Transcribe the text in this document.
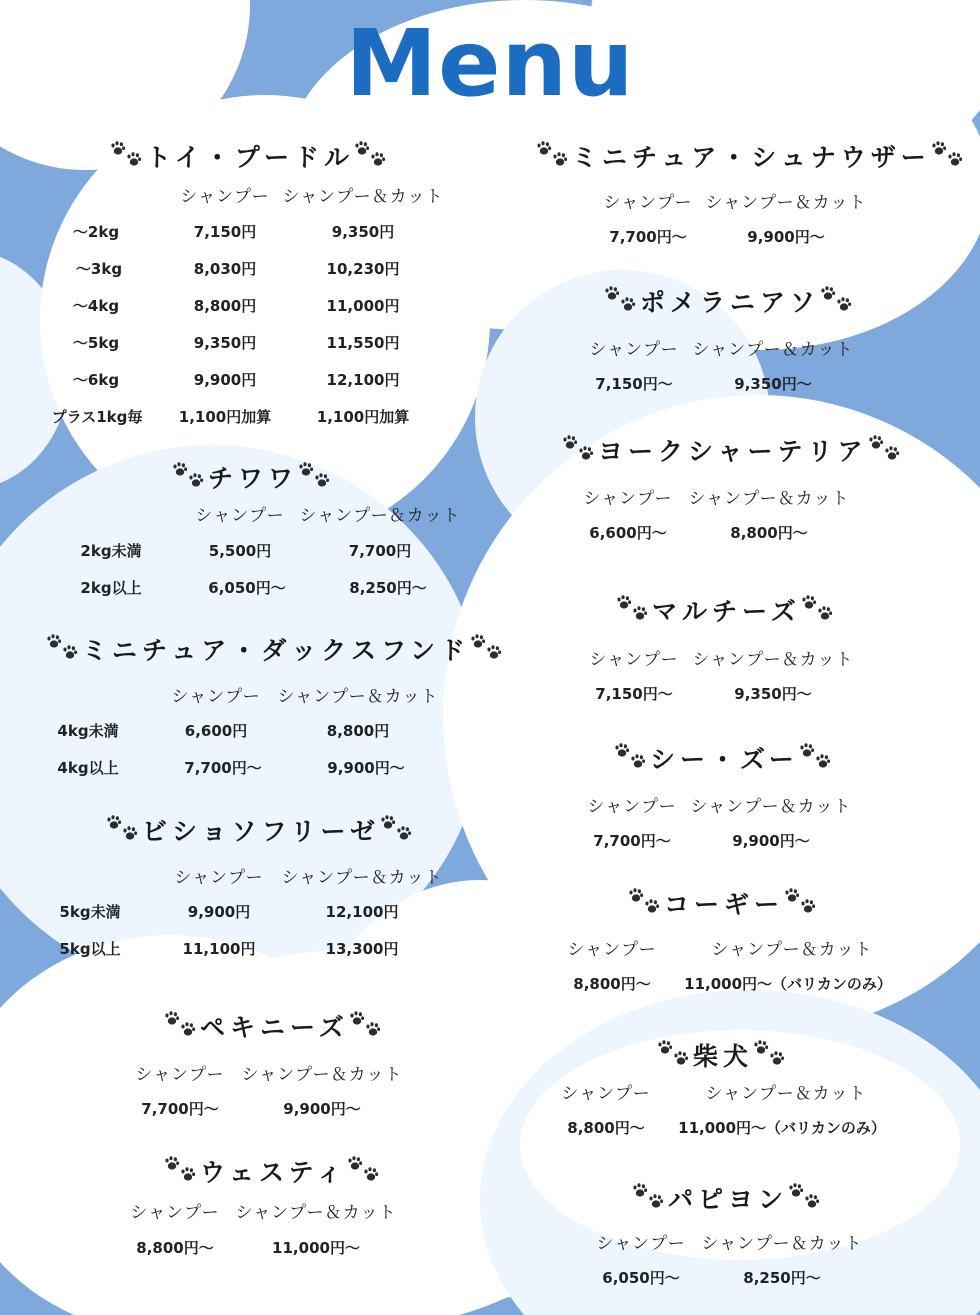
Menu
トイ・プードル
シャンプー シャンプー＆カット
～2kg	7,150円	9,350円
～3kg	8,030円	10,230円
～4kg	8,800円	11,000円
～5kg	9,350円	11,550円
～6kg	9,900円	12,100円
プラス1kg毎 1,100円加算	1,100円加算
チワワ
シャンプー シャンプー＆カット
2kg未満	5,500円	7,700円
2kg以上	6,050円～	8,250円～
ミニチュア・ダックスフンド
シャンプー シャンプー＆カット
4kg未満	6,600円	8,800円
4kg以上	7,700円～	9,900円～
ビショソフリーゼ
シャンプー シャンプー＆カット
5kg未満	9,900円	12,100円
5kg以上	11,100円	13,300円
ペキニーズ
シャンプー シャンプー＆カット
7,700円～	9,900円～
ウェスティ
シャンプー シャンプー＆カット
8,800円～	11,000円～
ミニチュア・シュナウザー
シャンプー シャンプー＆カット
7,700円～	9,900円～
ポメラニアソ
シャンプー シャンプー＆カット
7,150円～	9,350円～
ヨークシャーテリア
シャンプー シャンプー＆カット
6,600円～	8,800円～
マルチーズ
シャンプー シャンプー＆カット
7,150円～	9,350円～
シー・ズー
シャンプー シャンプー＆カット
7,700円～	9,900円～
コーギー
シャンプー	シャンプー＆カット
8,800円～ 11,000円～（バリカンのみ）
柴犬
シャンプー	シャンプー＆カット
8,800円～ 11,000円～（バリカンのみ）
パピヨン
シャンプー シャンプー＆カット
6,050円～	8,250円～
